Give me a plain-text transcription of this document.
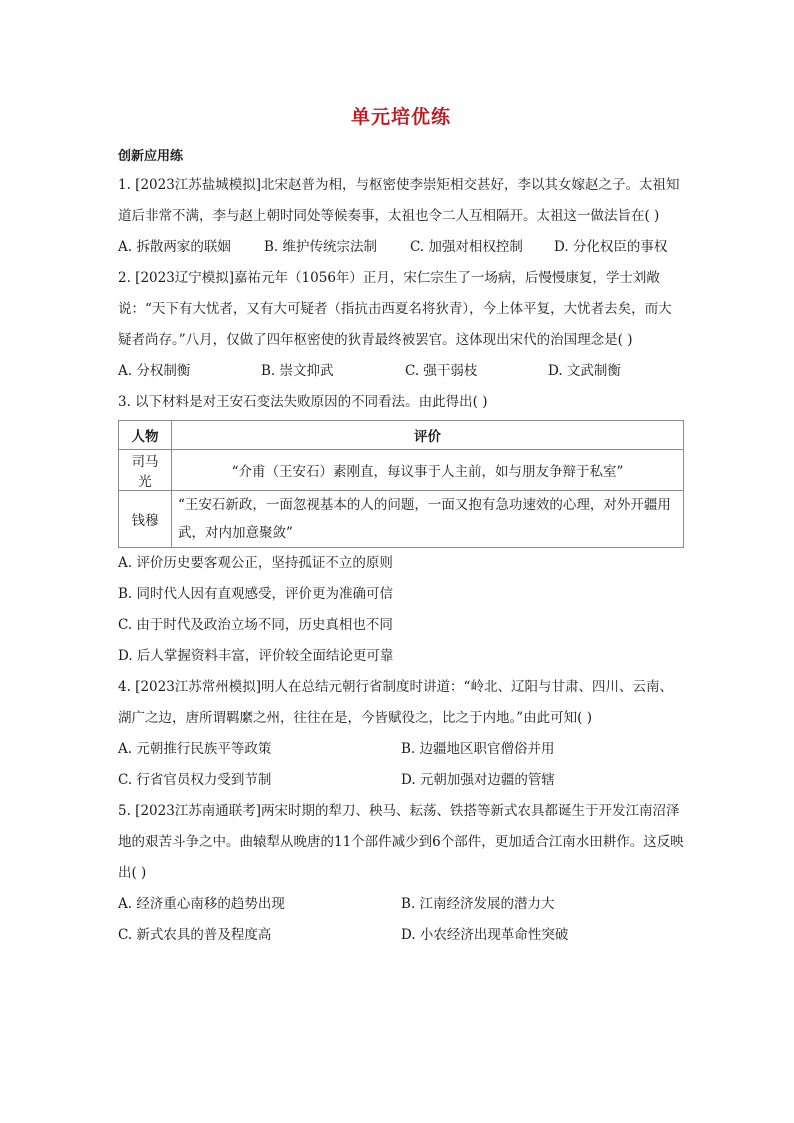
单元培优练
创新应用练

1. [2023江苏盐城模拟]北宋赵普为相，与枢密使李崇矩相交甚好，李以其女嫁赵之子。太祖知道后非常不满，李与赵上朝时同处等候奏事，太祖也令二人互相隔开。太祖这一做法旨在( )

A. 拆散两家的联姻	B. 维护传统宗法制	C. 加强对相权控制	D. 分化权臣的事权

2. [2023辽宁模拟]嘉祐元年（1056年）正月，宋仁宗生了一场病，后慢慢康复，学士刘敞说：“天下有大忧者，又有大可疑者（指抗击西夏名将狄青），今上体平复，大忧者去矣，而大疑者尚存。”八月，仅做了四年枢密使的狄青最终被罢官。这体现出宋代的治国理念是( )

A. 分权制衡	B. 崇文抑武	C. 强干弱枝	D. 文武制衡

3. 以下材料是对王安石变法失败原因的不同看法。由此得出( )

人物	评价
司马光	“介甫（王安石）素刚直，每议事于人主前，如与朋友争辩于私室”
钱穆	“王安石新政，一面忽视基本的人的问题，一面又抱有急功速效的心理，对外开疆用武，对内加意聚敛”
A. 评价历史要客观公正，坚持孤证不立的原则
B. 同时代人因有直观感受，评价更为准确可信
C. 由于时代及政治立场不同，历史真相也不同
D. 后人掌握资料丰富，评价较全面结论更可靠

4. [2023江苏常州模拟]明人在总结元朝行省制度时讲道：“岭北、辽阳与甘肃、四川、云南、湖广之边，唐所谓羁縻之州，往往在是，今皆赋役之，比之于内地。”由此可知( )

A. 元朝推行民族平等政策	B. 边疆地区职官僧俗并用
C. 行省官员权力受到节制	D. 元朝加强对边疆的管辖

5. [2023江苏南通联考]两宋时期的犁刀、秧马、耘荡、铁搭等新式农具都诞生于开发江南沼泽地的艰苦斗争之中。曲辕犁从晚唐的11个部件减少到6个部件，更加适合江南水田耕作。这反映出( )

A. 经济重心南移的趋势出现	B. 江南经济发展的潜力大
C. 新式农具的普及程度高	D. 小农经济出现革命性突破
